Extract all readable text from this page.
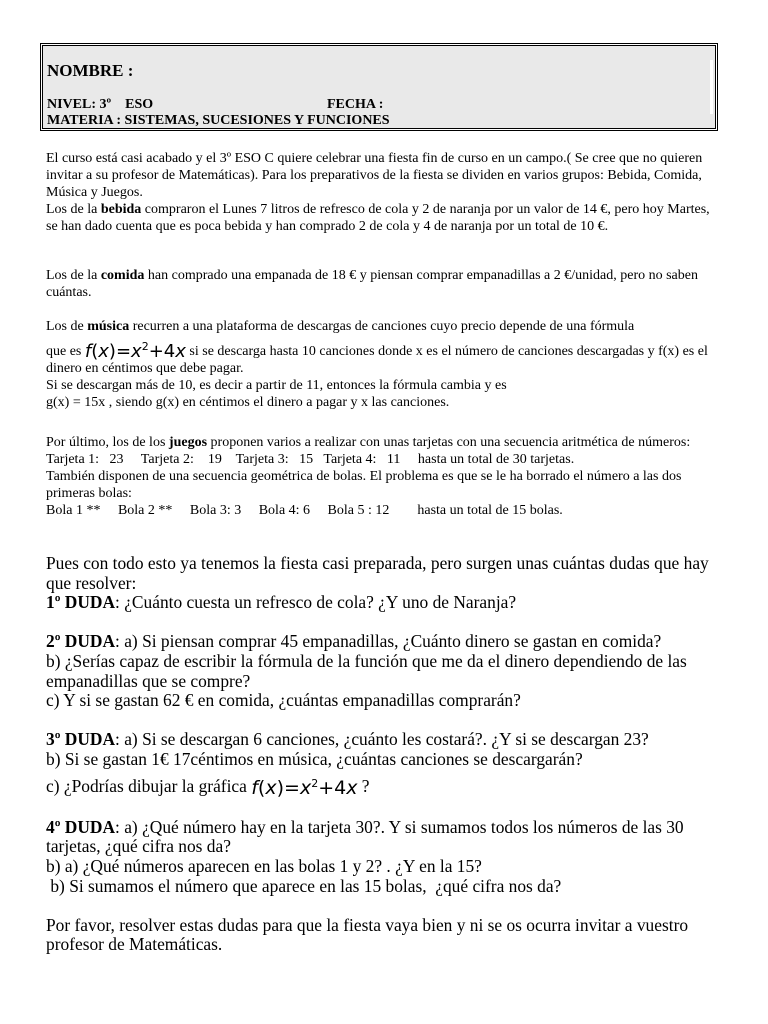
NOMBRE :
NIVEL: 3º    ESO	FECHA :
MATERIA : SISTEMAS, SUCESIONES Y FUNCIONES

El curso está casi acabado y el 3º ESO C quiere celebrar una fiesta fin de curso en un campo.( Se cree que no quieren invitar a su profesor de Matemáticas). Para los preparativos de la fiesta se dividen en varios grupos: Bebida, Comida, Música y Juegos.

Los de la bebida compraron el Lunes 7 litros de refresco de cola y 2 de naranja por un valor de 14 €, pero hoy Martes, se han dado cuenta que es poca bebida y han comprado 2 de cola y 4 de naranja por un total de 10 €.

Los de la comida han comprado una empanada de 18 € y piensan comprar empanadillas a 2 €/unidad, pero no saben cuántas.

Los de música recurren a una plataforma de descargas de canciones cuyo precio depende de una fórmula

que es $f(x)=x^2+4x$ si se descarga hasta 10 canciones donde x es el número de canciones descargadas y f(x) es el dinero en céntimos que debe pagar.

Si se descargan más de 10, es decir a partir de 11, entonces la fórmula cambia y es

g(x) = 15x , siendo g(x) en céntimos el dinero a pagar y x las canciones.

Por último, los de los juegos proponen varios a realizar con unas tarjetas con una secuencia aritmética de números:

Tarjeta 1:   23     Tarjeta 2:    19    Tarjeta 3:   15   Tarjeta 4:   11     hasta un total de 30 tarjetas.

También disponen de una secuencia geométrica de bolas. El problema es que se le ha borrado el número a las dos primeras bolas:

Bola 1 **     Bola 2 **     Bola 3: 3     Bola 4: 6     Bola 5 : 12        hasta un total de 15 bolas.

Pues con todo esto ya tenemos la fiesta casi preparada, pero surgen unas cuántas dudas que hay que resolver:

1º DUDA: ¿Cuánto cuesta un refresco de cola? ¿Y uno de Naranja?

2º DUDA: a) Si piensan comprar 45 empanadillas, ¿Cuánto dinero se gastan en comida?

b) ¿Serías capaz de escribir la fórmula de la función que me da el dinero dependiendo de las empanadillas que se compre?

c) Y si se gastan 62 € en comida, ¿cuántas empanadillas comprarán?

3º DUDA: a) Si se descargan 6 canciones, ¿cuánto les costará?. ¿Y si se descargan 23?

b) Si se gastan 1€ 17céntimos en música, ¿cuántas canciones se descargarán?

c) ¿Podrías dibujar la gráfica $f(x)=x^2+4x$ ?

4º DUDA: a) ¿Qué número hay en la tarjeta 30?. Y si sumamos todos los números de las 30 tarjetas, ¿qué cifra nos da?

b) a) ¿Qué números aparecen en las bolas 1 y 2? . ¿Y en la 15?

b) Si sumamos el número que aparece en las 15 bolas,  ¿qué cifra nos da?

Por favor, resolver estas dudas para que la fiesta vaya bien y ni se os ocurra invitar a vuestro profesor de Matemáticas.
